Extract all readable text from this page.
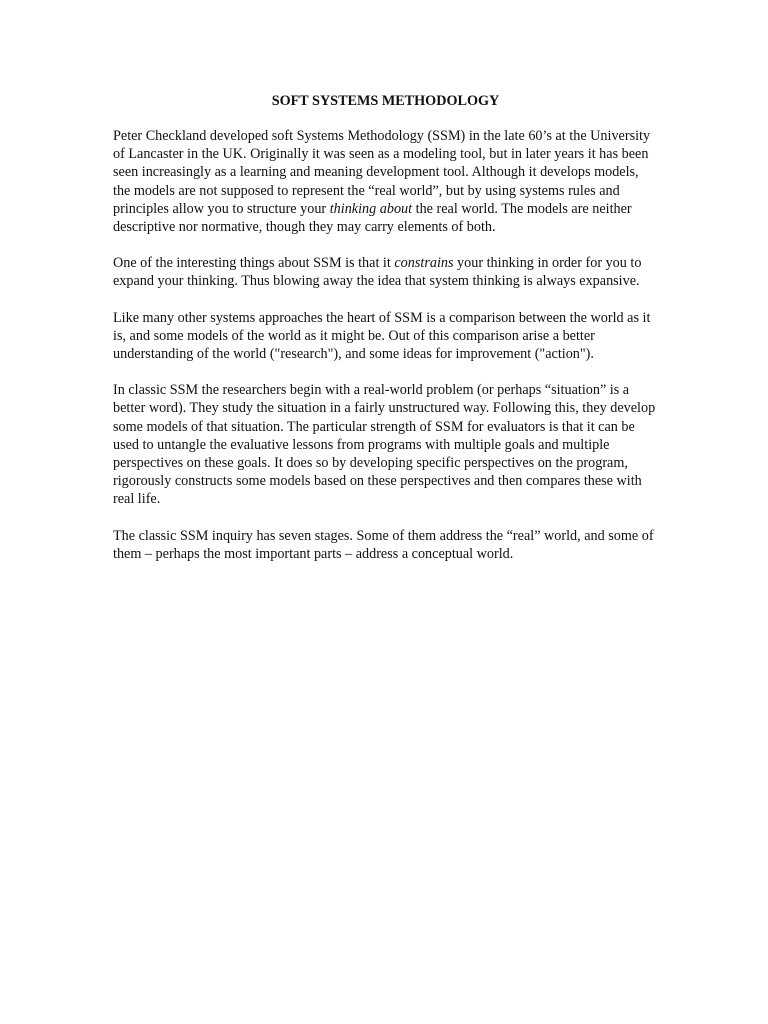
SOFT SYSTEMS METHODOLOGY

Peter Checkland developed soft Systems Methodology (SSM) in the late 60’s at the University of Lancaster in the UK. Originally it was seen as a modeling tool, but in later years it has been seen increasingly as a learning and meaning development tool. Although it develops models, the models are not supposed to represent the “real world”, but by using systems rules and principles allow you to structure your thinking about the real world. The models are neither descriptive nor normative, though they may carry elements of both.

One of the interesting things about SSM is that it constrains your thinking in order for you to expand your thinking. Thus blowing away the idea that system thinking is always expansive.

Like many other systems approaches the heart of SSM is a comparison between the world as it is, and some models of the world as it might be. Out of this comparison arise a better understanding of the world ("research"), and some ideas for improvement ("action").

In classic SSM the researchers begin with a real-world problem (or perhaps “situation” is a better word). They study the situation in a fairly unstructured way. Following this, they develop some models of that situation. The particular strength of SSM for evaluators is that it can be used to untangle the evaluative lessons from programs with multiple goals and multiple perspectives on these goals. It does so by developing specific perspectives on the program, rigorously constructs some models based on these perspectives and then compares these with real life.

The classic SSM inquiry has seven stages. Some of them address the “real” world, and some of them – perhaps the most important parts – address a conceptual world.
